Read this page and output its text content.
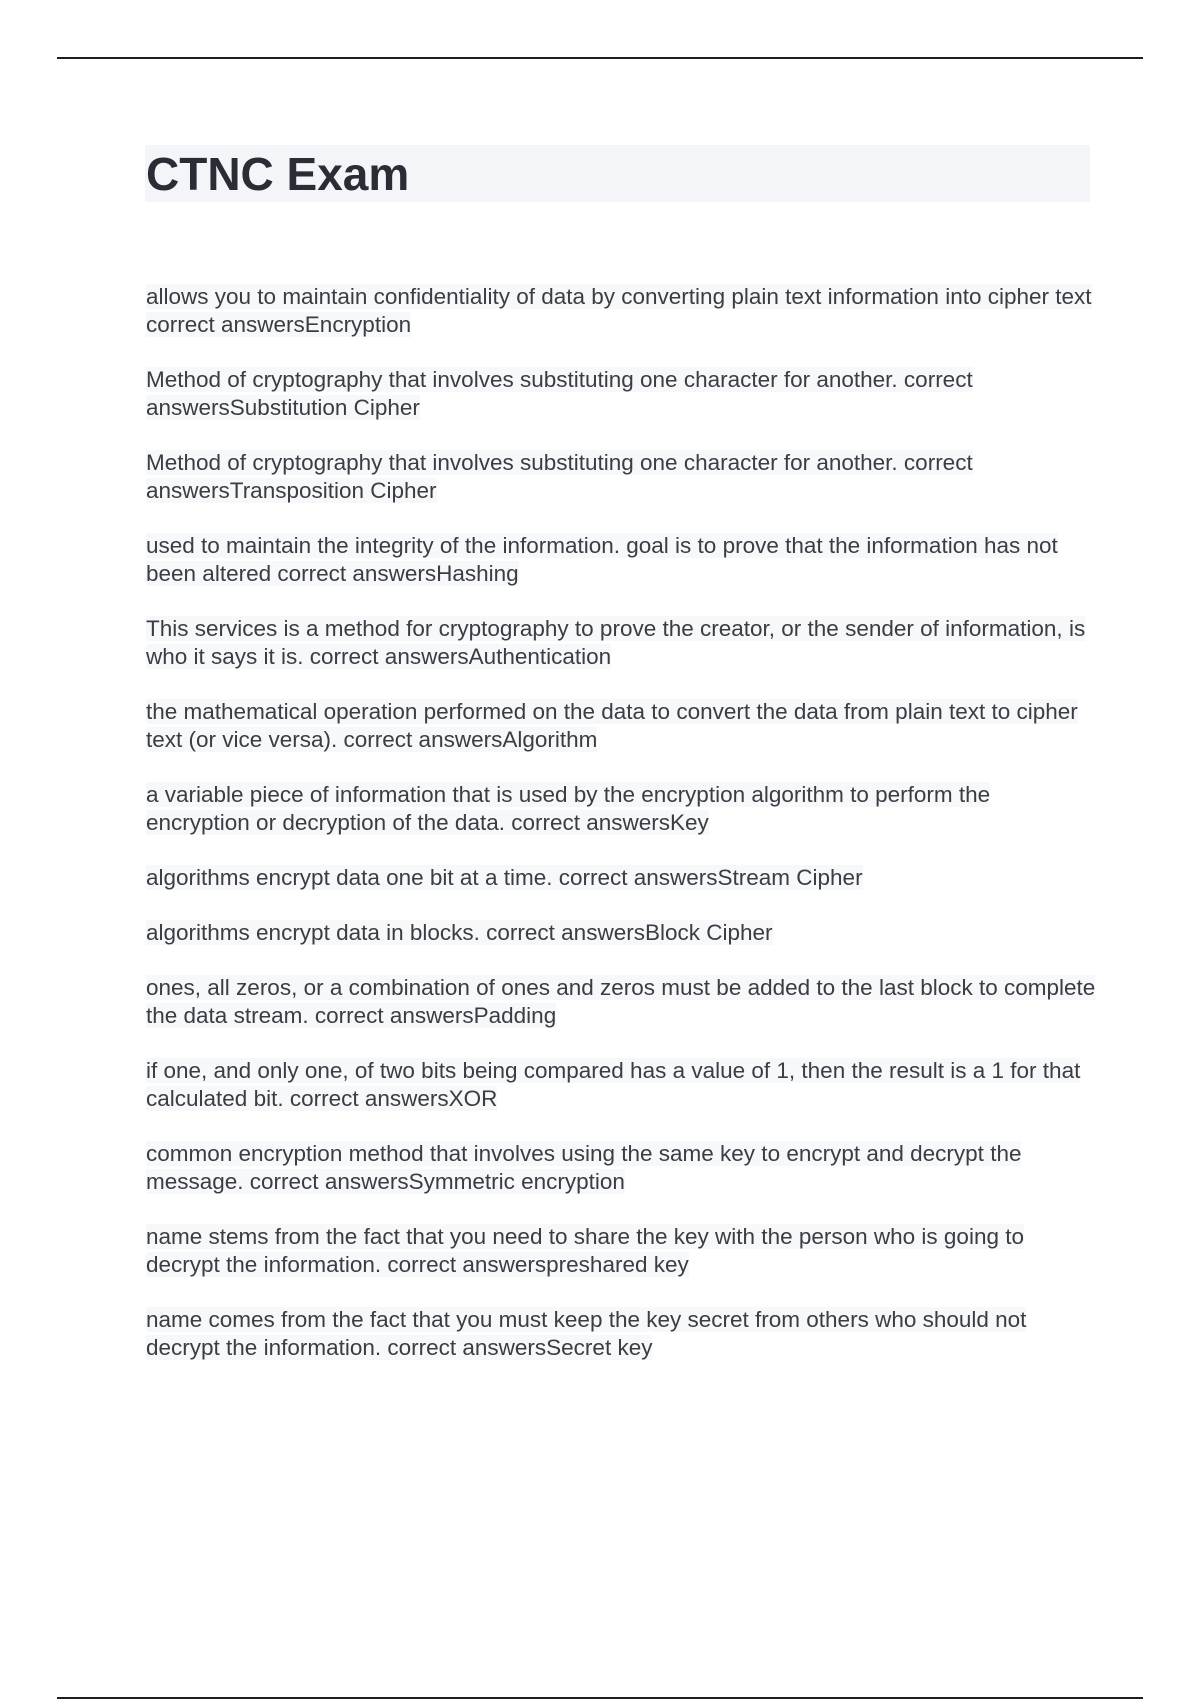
CTNC Exam
allows you to maintain confidentiality of data by converting plain text information into cipher text correct answersEncryption
Method of cryptography that involves substituting one character for another. correct answersSubstitution Cipher
Method of cryptography that involves substituting one character for another. correct answersTransposition Cipher
used to maintain the integrity of the information. goal is to prove that the information has not been altered correct answersHashing
This services is a method for cryptography to prove the creator, or the sender of information, is who it says it is. correct answersAuthentication
the mathematical operation performed on the data to convert the data from plain text to cipher text (or vice versa). correct answersAlgorithm
a variable piece of information that is used by the encryption algorithm to perform the encryption or decryption of the data. correct answersKey
algorithms encrypt data one bit at a time. correct answersStream Cipher
algorithms encrypt data in blocks. correct answersBlock Cipher
ones, all zeros, or a combination of ones and zeros must be added to the last block to complete the data stream. correct answersPadding
if one, and only one, of two bits being compared has a value of 1, then the result is a 1 for that calculated bit. correct answersXOR
common encryption method that involves using the same key to encrypt and decrypt the message. correct answersSymmetric encryption
name stems from the fact that you need to share the key with the person who is going to decrypt the information. correct answerspreshared key
name comes from the fact that you must keep the key secret from others who should not decrypt the information. correct answersSecret key
